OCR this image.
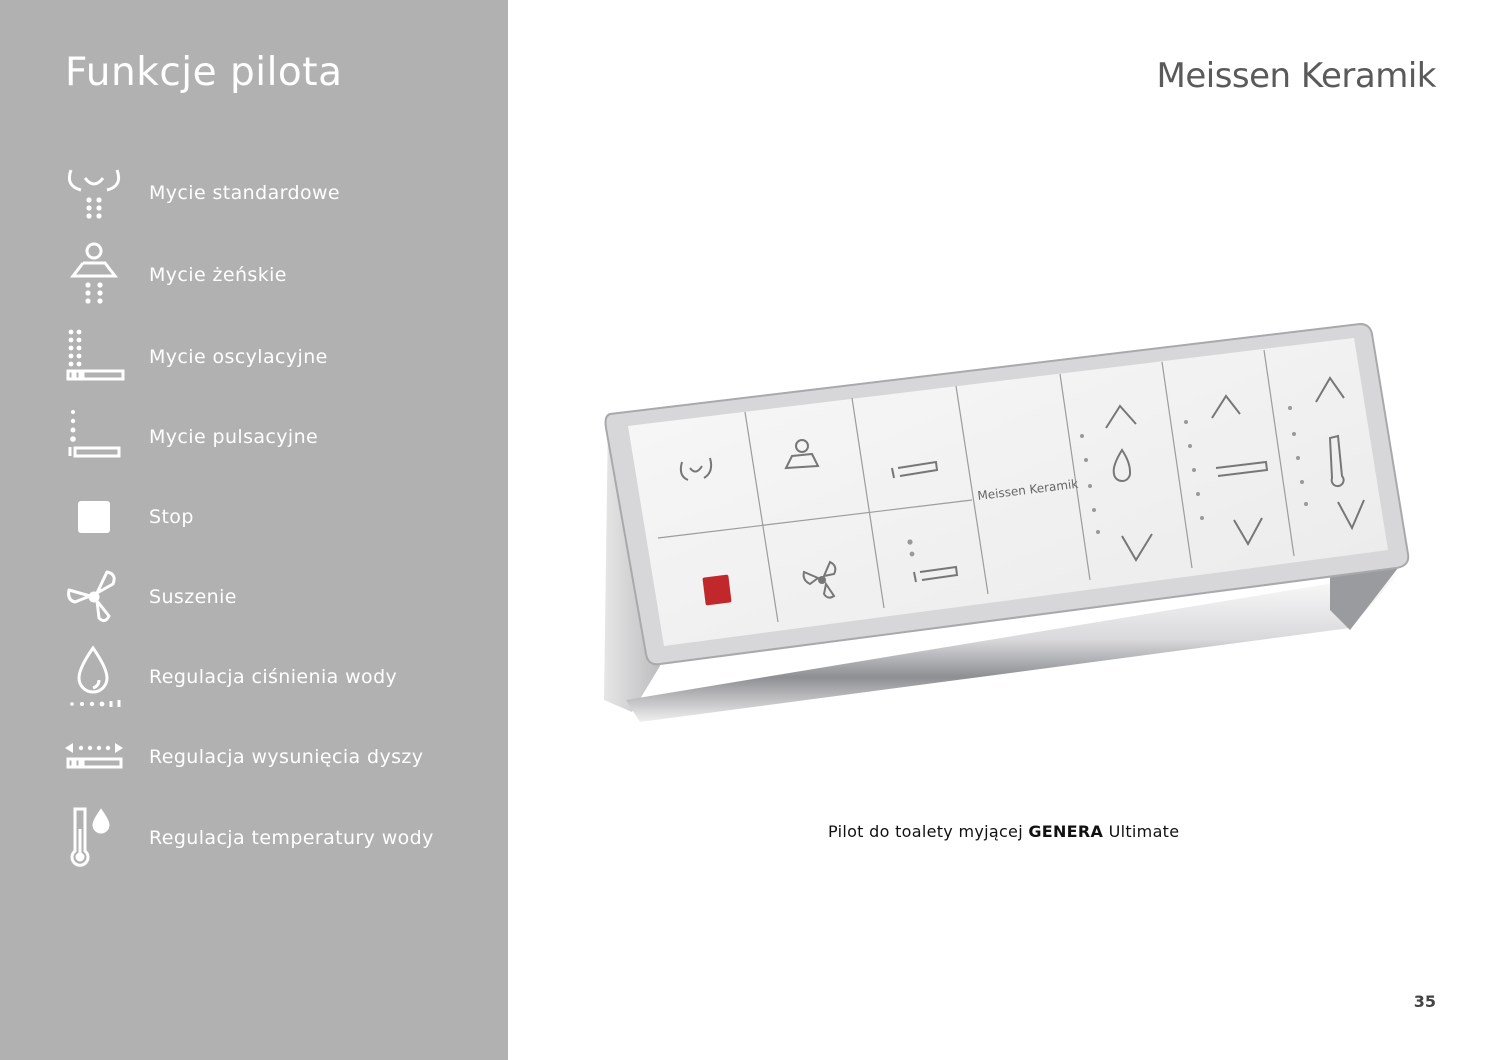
Funkcje pilota
Mycie standardowe
Mycie żeńskie
Mycie oscylacyjne
Mycie pulsacyjne
Stop
Suszenie
Regulacja ciśnienia wody
Regulacja wysunięcia dyszy
Regulacja temperatury wody
Meissen Keramik
Meissen Keramik
Pilot do toalety myjącej GENERA Ultimate
35
